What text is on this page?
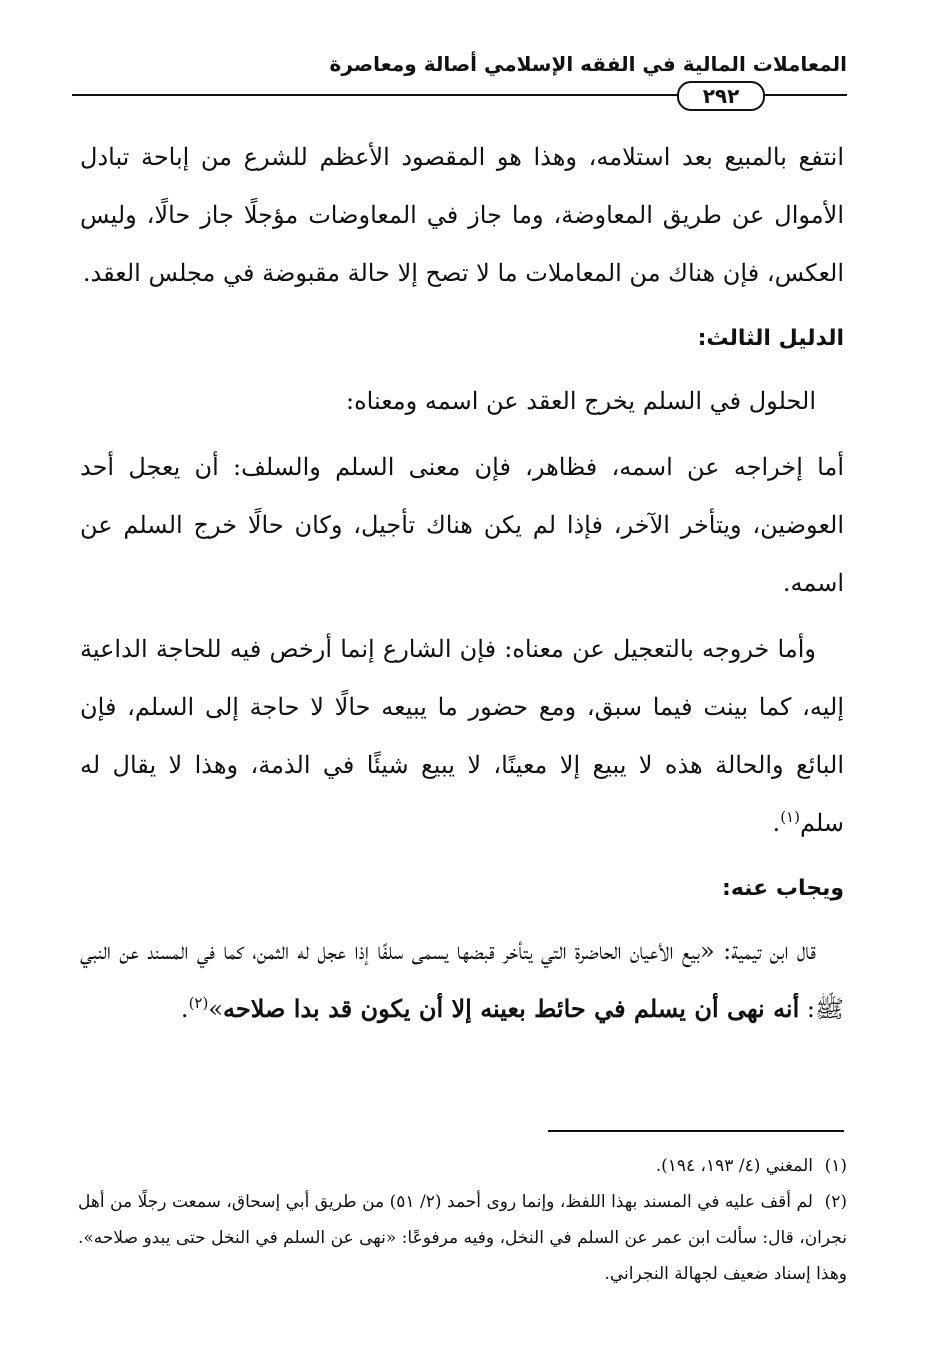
المعاملات المالية في الفقه الإسلامي أصالة ومعاصرة
٢٩٢

انتفع بالمبيع بعد استلامه، وهذا هو المقصود الأعظم للشرع من إباحة تبادل الأموال عن طريق المعاوضة، وما جاز في المعاوضات مؤجلًا جاز حالًا، وليس العكس، فإن هناك من المعاملات ما لا تصح إلا حالة مقبوضة في مجلس العقد.

الدليل الثالث:

الحلول في السلم يخرج العقد عن اسمه ومعناه:

أما إخراجه عن اسمه، فظاهر، فإن معنى السلم والسلف: أن يعجل أحد العوضين، ويتأخر الآخر، فإذا لم يكن هناك تأجيل، وكان حالًا خرج السلم عن اسمه.

وأما خروجه بالتعجيل عن معناه: فإن الشارع إنما أرخص فيه للحاجة الداعية إليه، كما بينت فيما سبق، ومع حضور ما يبيعه حالًا لا حاجة إلى السلم، فإن البائع والحالة هذه لا يبيع إلا معينًا، لا يبيع شيئًا في الذمة، وهذا لا يقال له سلم$^{(١)}$.

ويجاب عنه:

قال ابن تيمية: «بيع الأعيان الحاضرة التي يتأخر قبضها يسمى سلفًا إذا عجل له الثمن، كما في المسند عن النبي ﷺ: أنه نهى أن يسلم في حائط بعينه إلا أن يكون قد بدا صلاحه»$^{(٢)}$.

(١)المغني (٤/ ١٩٣، ١٩٤).

(٢)لم أقف عليه في المسند بهذا اللفظ، وإنما روى أحمد (٢/ ٥١) من طريق أبي إسحاق، سمعت رجلًا من أهل نجران، قال: سألت ابن عمر عن السلم في النخل، وفيه مرفوعًا: «نهى عن السلم في النخل حتى يبدو صلاحه». وهذا إسناد ضعيف لجهالة النجراني.
